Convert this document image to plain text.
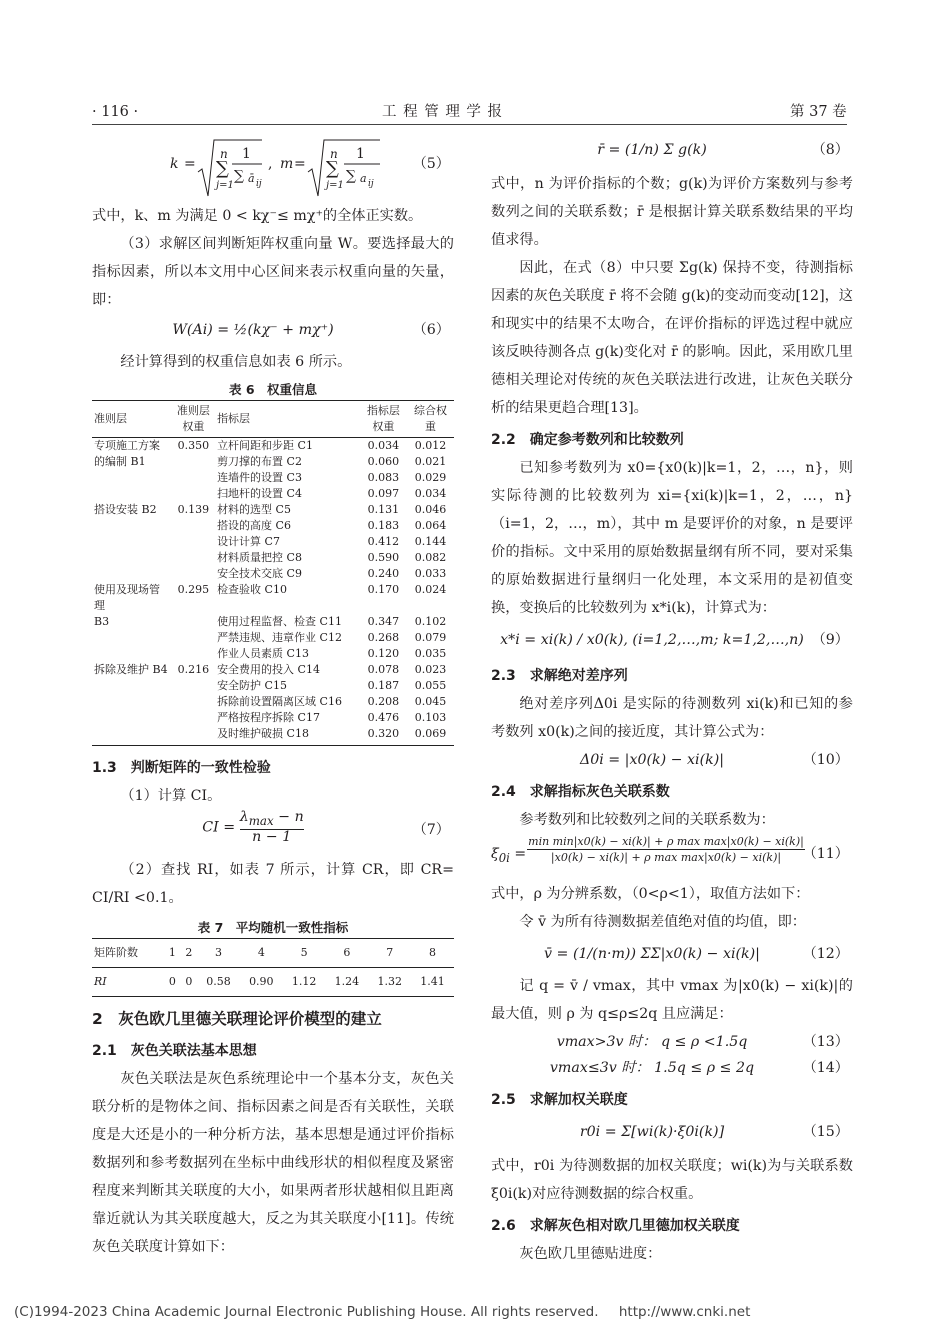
· 116 ·	工 程 管 理 学 报	第 37 卷
k =
n
∑
j=1
1
∑ ā ij
, m =
n
∑
j=1
1
∑ a ij
（5）

式中，k、m 为满足 0 < kχ⁻≤ mχ⁺的全体正实数。

（3）求解区间判断矩阵权重向量 W。要选择最大的指标因素，所以本文用中心区间来表示权重向量的矢量，即：

W(Ai) = ½(kχ⁻ + mχ⁺)	（6）

经计算得到的权重信息如表 6 所示。

表 6　权重信息
准则层	准则层权重	指标层	指标层权重	综合权重
专项施工方案	0.350	立杆间距和步距 C1	0.034	0.012
的编制 B1		剪刀撑的布置 C2	0.060	0.021
		连墙件的设置 C3	0.083	0.029
		扫地杆的设置 C4	0.097	0.034
搭设安装 B2	0.139	材料的选型 C5	0.131	0.046
		搭设的高度 C6	0.183	0.064
		设计计算 C7	0.412	0.144
		材料质量把控 C8	0.590	0.082
		安全技术交底 C9	0.240	0.033
使用及现场管理	0.295	检查验收 C10	0.170	0.024
B3		使用过程监督、检查 C11	0.347	0.102
		严禁违规、违章作业 C12	0.268	0.079
		作业人员素质 C13	0.120	0.035
拆除及维护 B4	0.216	安全费用的投入 C14	0.078	0.023
		安全防护 C15	0.187	0.055
		拆除前设置隔离区域 C16	0.208	0.045
		严格按程序拆除 C17	0.476	0.103
		及时维护破损 C18	0.320	0.069
1.3　判断矩阵的一致性检验

（1）计算 CI。

CI = $\frac{\lambda_{max} - n}{n - 1}$	（7）

（2）查找 RI，如表 7 所示，计算 CR，即 CR= CI/RI <0.1。

表 7　平均随机一致性指标
矩阵阶数	1	2	3	4	5	6	7	8
RI	0	0	0.58	0.90	1.12	1.24	1.32	1.41
2　灰色欧几里德关联理论评价模型的建立
2.1　灰色关联法基本思想

灰色关联法是灰色系统理论中一个基本分支，灰色关联分析的是物体之间、指标因素之间是否有关联性，关联度是大还是小的一种分析方法，基本思想是通过评价指标数据列和参考数据列在坐标中曲线形状的相似程度及紧密程度来判断其关联度的大小，如果两者形状越相似且距离靠近就认为其关联度越大，反之为其关联度小[11]。传统灰色关联度计算如下：

r̄ = (1/n) Σ g(k)	（8）

式中，n 为评价指标的个数；g(k)为评价方案数列与参考数列之间的关联系数；r̄ 是根据计算关联系数结果的平均值求得。

因此，在式（8）中只要 Σg(k) 保持不变，待测指标因素的灰色关联度 r̄ 将不会随 g(k)的变动而变动[12]，这和现实中的结果不太吻合，在评价指标的评选过程中就应该反映待测各点 g(k)变化对 r̄ 的影响。因此，采用欧几里德相关理论对传统的灰色关联法进行改进，让灰色关联分析的结果更趋合理[13]。

2.2　确定参考数列和比较数列

已知参考数列为 x0={x0(k)|k=1，2，…，n}，则实际待测的比较数列为 xi={xi(k)|k=1，2，…，n}（i=1，2，…，m），其中 m 是要评价的对象，n 是要评价的指标。文中采用的原始数据量纲有所不同，要对采集的原始数据进行量纲归一化处理，本文采用的是初值变换，变换后的比较数列为 x*i(k)，计算式为：

x*i = xi(k) / x0(k), (i=1,2,…,m; k=1,2,…,n) （9）
2.3　求解绝对差序列

绝对差序列Δ0i 是实际的待测数列 xi(k)和已知的参考数列 x0(k)之间的接近度，其计算公式为：

Δ0i = |x0(k) − xi(k)|	（10）
2.4　求解指标灰色关联系数

参考数列和比较数列之间的关联系数为：

$\xi_{0i}$ =
min min|x0(k) − xi(k)| + ρ max max|x0(k) − xi(k)|
|x0(k) − xi(k)| + ρ max max|x0(k) − xi(k)|	（11）

式中，ρ 为分辨系数，（0<ρ<1），取值方法如下：

令 v̄ 为所有待测数据差值绝对值的均值，即：

v̄ = (1/(n·m)) ΣΣ|x0(k) − xi(k)|	（12）

记 q = v̄ / vmax，其中 vmax 为|x0(k) − xi(k)|的最大值，则 ρ 为 q≤ρ≤2q 且应满足：

vmax>3v 时： q ≤ ρ <1.5q	（13）
vmax≤3v 时： 1.5q ≤ ρ ≤ 2q	（14）
2.5　求解加权关联度
r0i = Σ[wi(k)·ξ0i(k)]	（15）

式中，r0i 为待测数据的加权关联度；wi(k)为与关联系数ξ0i(k)对应待测数据的综合权重。

2.6　求解灰色相对欧几里德加权关联度

灰色欧几里德贴进度：

(C)1994-2023 China Academic Journal Electronic Publishing House. All rights reserved. http://www.cnki.net
